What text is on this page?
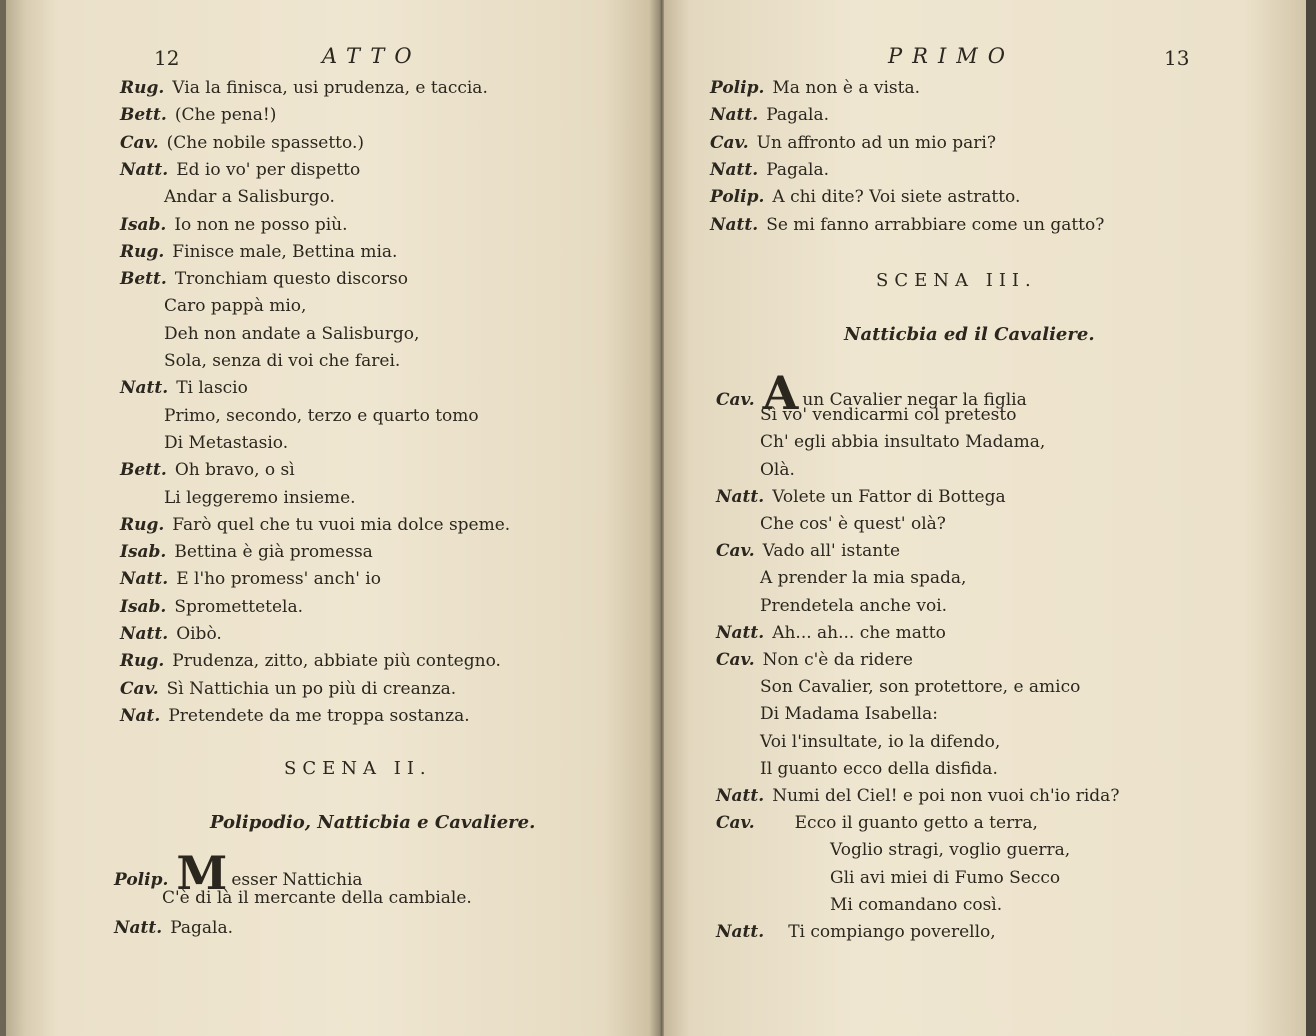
12	ATTO
Rug. Via la finisca, usi prudenza, e taccia.
Bett. (Che pena!)
Cav. (Che nobile spassetto.)
Natt. Ed io vo' per dispetto
Andar a Salisburgo.
Isab. Io non ne posso più.
Rug. Finisce male, Bettina mia.
Bett. Tronchiam questo discorso
Caro pappà mio,
Deh non andate a Salisburgo,
Sola, senza di voi che farei.
Natt. Ti lascio
Primo, secondo, terzo e quarto tomo
Di Metastasio.
Bett. Oh bravo, o sì
Li leggeremo insieme.
Rug. Farò quel che tu vuoi mia dolce speme.
Isab. Bettina è già promessa
Natt. E l'ho promess' anch' io
Isab. Spromettetela.
Natt. Oibò.
Rug. Prudenza, zitto, abbiate più contegno.
Cav. Sì Nattichia un po più di creanza.
Nat. Pretendete da me troppa sostanza.
SCENA II.
Polipodio, Natticbia e Cavaliere.
Polip. M esser Nattichia
C'è di là il mercante della cambiale.
Natt. Pagala.
PRIMO	13
Polip. Ma non è a vista.
Natt. Pagala.
Cav. Un affronto ad un mio pari?
Natt. Pagala.
Polip. A chi dite? Voi siete astratto.
Natt. Se mi fanno arrabbiare come un gatto?
SCENA III.
Natticbia ed il Cavaliere.
Cav. A un Cavalier negar la figlia
Sì vo' vendicarmi col pretesto
Ch' egli abbia insultato Madama,
Olà.
Natt. Volete un Fattor di Bottega
Che cos' è quest' olà?
Cav. Vado all' istante
A prender la mia spada,
Prendetela anche voi.
Natt. Ah... ah... che matto
Cav. Non c'è da ridere
Son Cavalier, son protettore, e amico
Di Madama Isabella:
Voi l'insultate, io la difendo,
Il guanto ecco della disfida.
Natt. Numi del Ciel! e poi non vuoi ch'io rida?
Cav. Ecco il guanto getto a terra,
Voglio stragi, voglio guerra,
Gli avi miei di Fumo Secco
Mi comandano così.
Natt. Ti compiango poverello,
